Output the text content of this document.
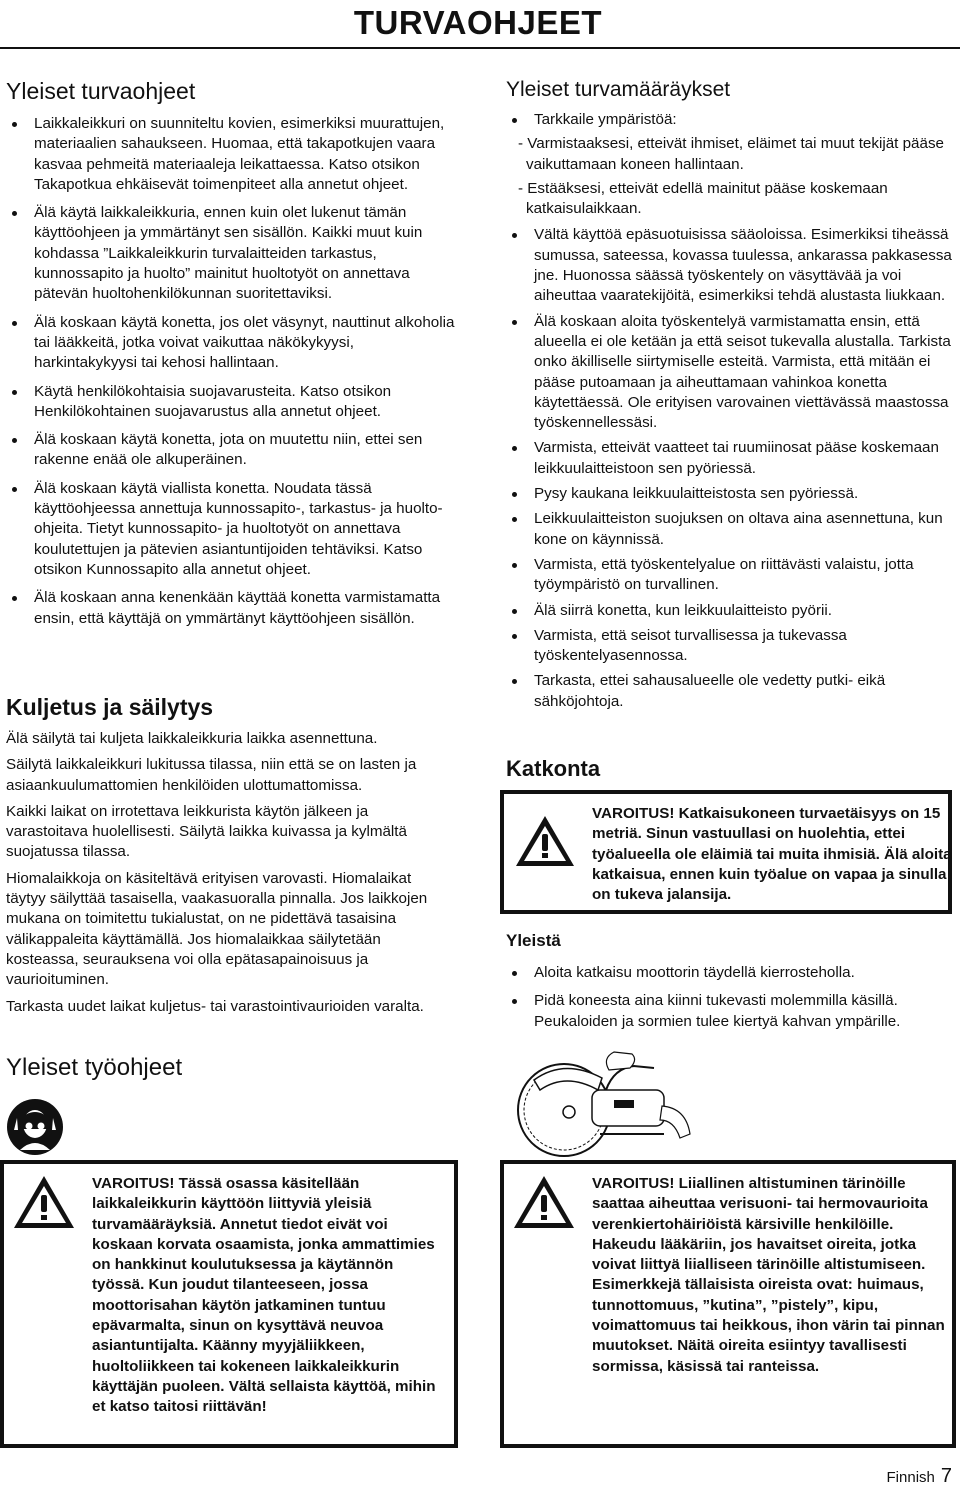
TURVAOHJEET
Yleiset turvaohjeet
Laikkaleikkuri on suunniteltu kovien, esimerkiksi muurattujen, materiaalien sahaukseen. Huomaa, että takapotkujen vaara kasvaa pehmeitä materiaaleja leikattaessa. Katso otsikon Takapotkua ehkäisevät toimenpiteet alla annetut ohjeet.
Älä käytä laikkaleikkuria, ennen kuin olet lukenut tämän käyttöohjeen ja ymmärtänyt sen sisällön. Kaikki muut kuin kohdassa ”Laikkaleikkurin turvalaitteiden tarkastus, kunnossapito ja huolto” mainitut huoltotyöt on annettava pätevän huoltohenkilökunnan suoritettaviksi.
Älä koskaan käytä konetta, jos olet väsynyt, nauttinut alkoholia tai lääkkeitä, jotka voivat vaikuttaa näkökykyysi, harkintakykyysi tai kehosi hallintaan.
Käytä henkilökohtaisia suojavarusteita. Katso otsikon Henkilökohtainen suojavarustus alla annetut ohjeet.
Älä koskaan käytä konetta, jota on muutettu niin, ettei sen rakenne enää ole alkuperäinen.
Älä koskaan käytä viallista konetta. Noudata tässä käyttöohjeessa annettuja kunnossapito-, tarkastus- ja huolto-ohjeita. Tietyt kunnossapito- ja huoltotyöt on annettava koulutettujen ja pätevien asiantuntijoiden tehtäviksi. Katso otsikon Kunnossapito alla annetut ohjeet.
Älä koskaan anna kenenkään käyttää konetta varmistamatta ensin, että käyttäjä on ymmärtänyt käyttöohjeen sisällön.
Kuljetus ja säilytys

Älä säilytä tai kuljeta laikkaleikkuria laikka asennettuna.

Säilytä laikkaleikkuri lukitussa tilassa, niin että se on lasten ja asiaankuulumattomien henkilöiden ulottumattomissa.

Kaikki laikat on irrotettava leikkurista käytön jälkeen ja varastoitava huolellisesti. Säilytä laikka kuivassa ja kylmältä suojatussa tilassa.

Hiomalaikkoja on käsiteltävä erityisen varovasti. Hiomalaikat täytyy säilyttää tasaisella, vaakasuoralla pinnalla. Jos laikkojen mukana on toimitettu tukialustat, on ne pidettävä tasaisina välikappaleita käyttämällä. Jos hiomalaikkaa säilytetään kosteassa, seurauksena voi olla epätasapainoisuus ja vaurioituminen.

Tarkasta uudet laikat kuljetus- tai varastointivaurioiden varalta.

Yleiset työohjeet
Yleiset turvamääräykset
Tarkkaile ympäristöä:
- Varmistaaksesi, etteivät ihmiset, eläimet tai muut tekijät pääse vaikuttamaan koneen hallintaan.
- Estääksesi, etteivät edellä mainitut pääse koskemaan katkaisulaikkaan.
Vältä käyttöä epäsuotuisissa sääoloissa. Esimerkiksi tiheässä sumussa, sateessa, kovassa tuulessa, ankarassa pakkasessa jne. Huonossa säässä työskentely on väsyttävää ja voi aiheuttaa vaaratekijöitä, esimerkiksi tehdä alustasta liukkaan.
Älä koskaan aloita työskentelyä varmistamatta ensin, että alueella ei ole ketään ja että seisot tukevalla alustalla. Tarkista onko äkilliselle siirtymiselle esteitä. Varmista, että mitään ei pääse putoamaan ja aiheuttamaan vahinkoa konetta käytettäessä. Ole erityisen varovainen viettävässä maastossa työskennellessäsi.
Varmista, etteivät vaatteet tai ruumiinosat pääse koskemaan leikkuulaitteistoon sen pyöriessä.
Pysy kaukana leikkuulaitteistosta sen pyöriessä.
Leikkuulaitteiston suojuksen on oltava aina asennettuna, kun kone on käynnissä.
Varmista, että työskentelyalue on riittävästi valaistu, jotta työympäristö on turvallinen.
Älä siirrä konetta, kun leikkuulaitteisto pyörii.
Varmista, että seisot turvallisessa ja tukevassa työskentelyasennossa.
Tarkasta, ettei sahausalueelle ole vedetty putki- eikä sähköjohtoja.
Katkonta
VAROITUS! Katkaisukoneen turvaetäisyys on 15 metriä. Sinun vastuullasi on huolehtia, ettei työalueella ole eläimiä tai muita ihmisiä. Älä aloita katkaisua, ennen kuin työalue on vapaa ja sinulla on tukeva jalansija.
Yleistä
Aloita katkaisu moottorin täydellä kierrosteholla.
Pidä koneesta aina kiinni tukevasti molemmilla käsillä. Peukaloiden ja sormien tulee kiertyä kahvan ympärille.
VAROITUS! Tässä osassa käsitellään laikkaleikkurin käyttöön liittyviä yleisiä turvamääräyksiä. Annetut tiedot eivät voi koskaan korvata osaamista, jonka ammattimies on hankkinut koulutuksessa ja käytännön työssä. Kun joudut tilanteeseen, jossa moottorisahan käytön jatkaminen tuntuu epävarmalta, sinun on kysyttävä neuvoa asiantuntijalta. Käänny myyjäliikkeen, huoltoliikkeen tai kokeneen laikkaleikkurin käyttäjän puoleen. Vältä sellaista käyttöä, mihin et katso taitosi riittävän!
VAROITUS! Liiallinen altistuminen tärinöille saattaa aiheuttaa verisuoni- tai hermovaurioita verenkiertohäiriöistä kärsiville henkilöille. Hakeudu lääkäriin, jos havaitset oireita, jotka voivat liittyä liialliseen tärinöille altistumiseen. Esimerkkejä tällaisista oireista ovat: huimaus, tunnottomuus, ”kutina”, ”pistely”, kipu, voimattomuus tai heikkous, ihon värin tai pinnan muutokset. Näitä oireita esiintyy tavallisesti sormissa, käsissä tai ranteissa.
Finnish 7
